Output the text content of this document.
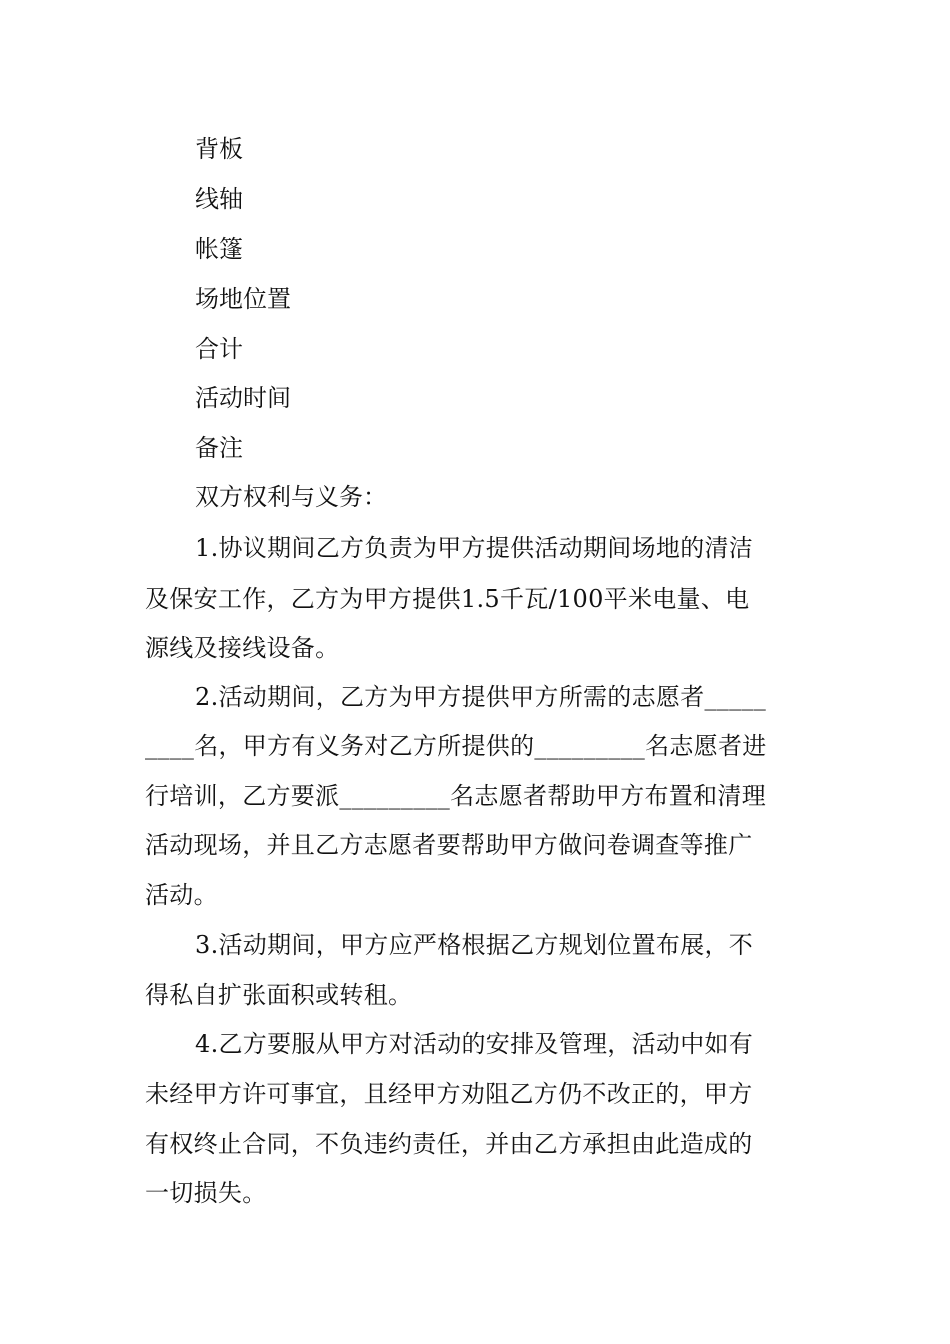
背板
线轴
帐篷
场地位置
合计
活动时间
备注
双方权利与义务：
1.协议期间乙方负责为甲方提供活动期间场地的清洁
及保安工作，乙方为甲方提供1.5千瓦/100平米电量、电
源线及接线设备。
2.活动期间，乙方为甲方提供甲方所需的志愿者_____
____名，甲方有义务对乙方所提供的_________名志愿者进
行培训，乙方要派_________名志愿者帮助甲方布置和清理
活动现场，并且乙方志愿者要帮助甲方做问卷调查等推广
活动。
3.活动期间，甲方应严格根据乙方规划位置布展，不
得私自扩张面积或转租。
4.乙方要服从甲方对活动的安排及管理，活动中如有
未经甲方许可事宜，且经甲方劝阻乙方仍不改正的，甲方
有权终止合同，不负违约责任，并由乙方承担由此造成的
一切损失。
